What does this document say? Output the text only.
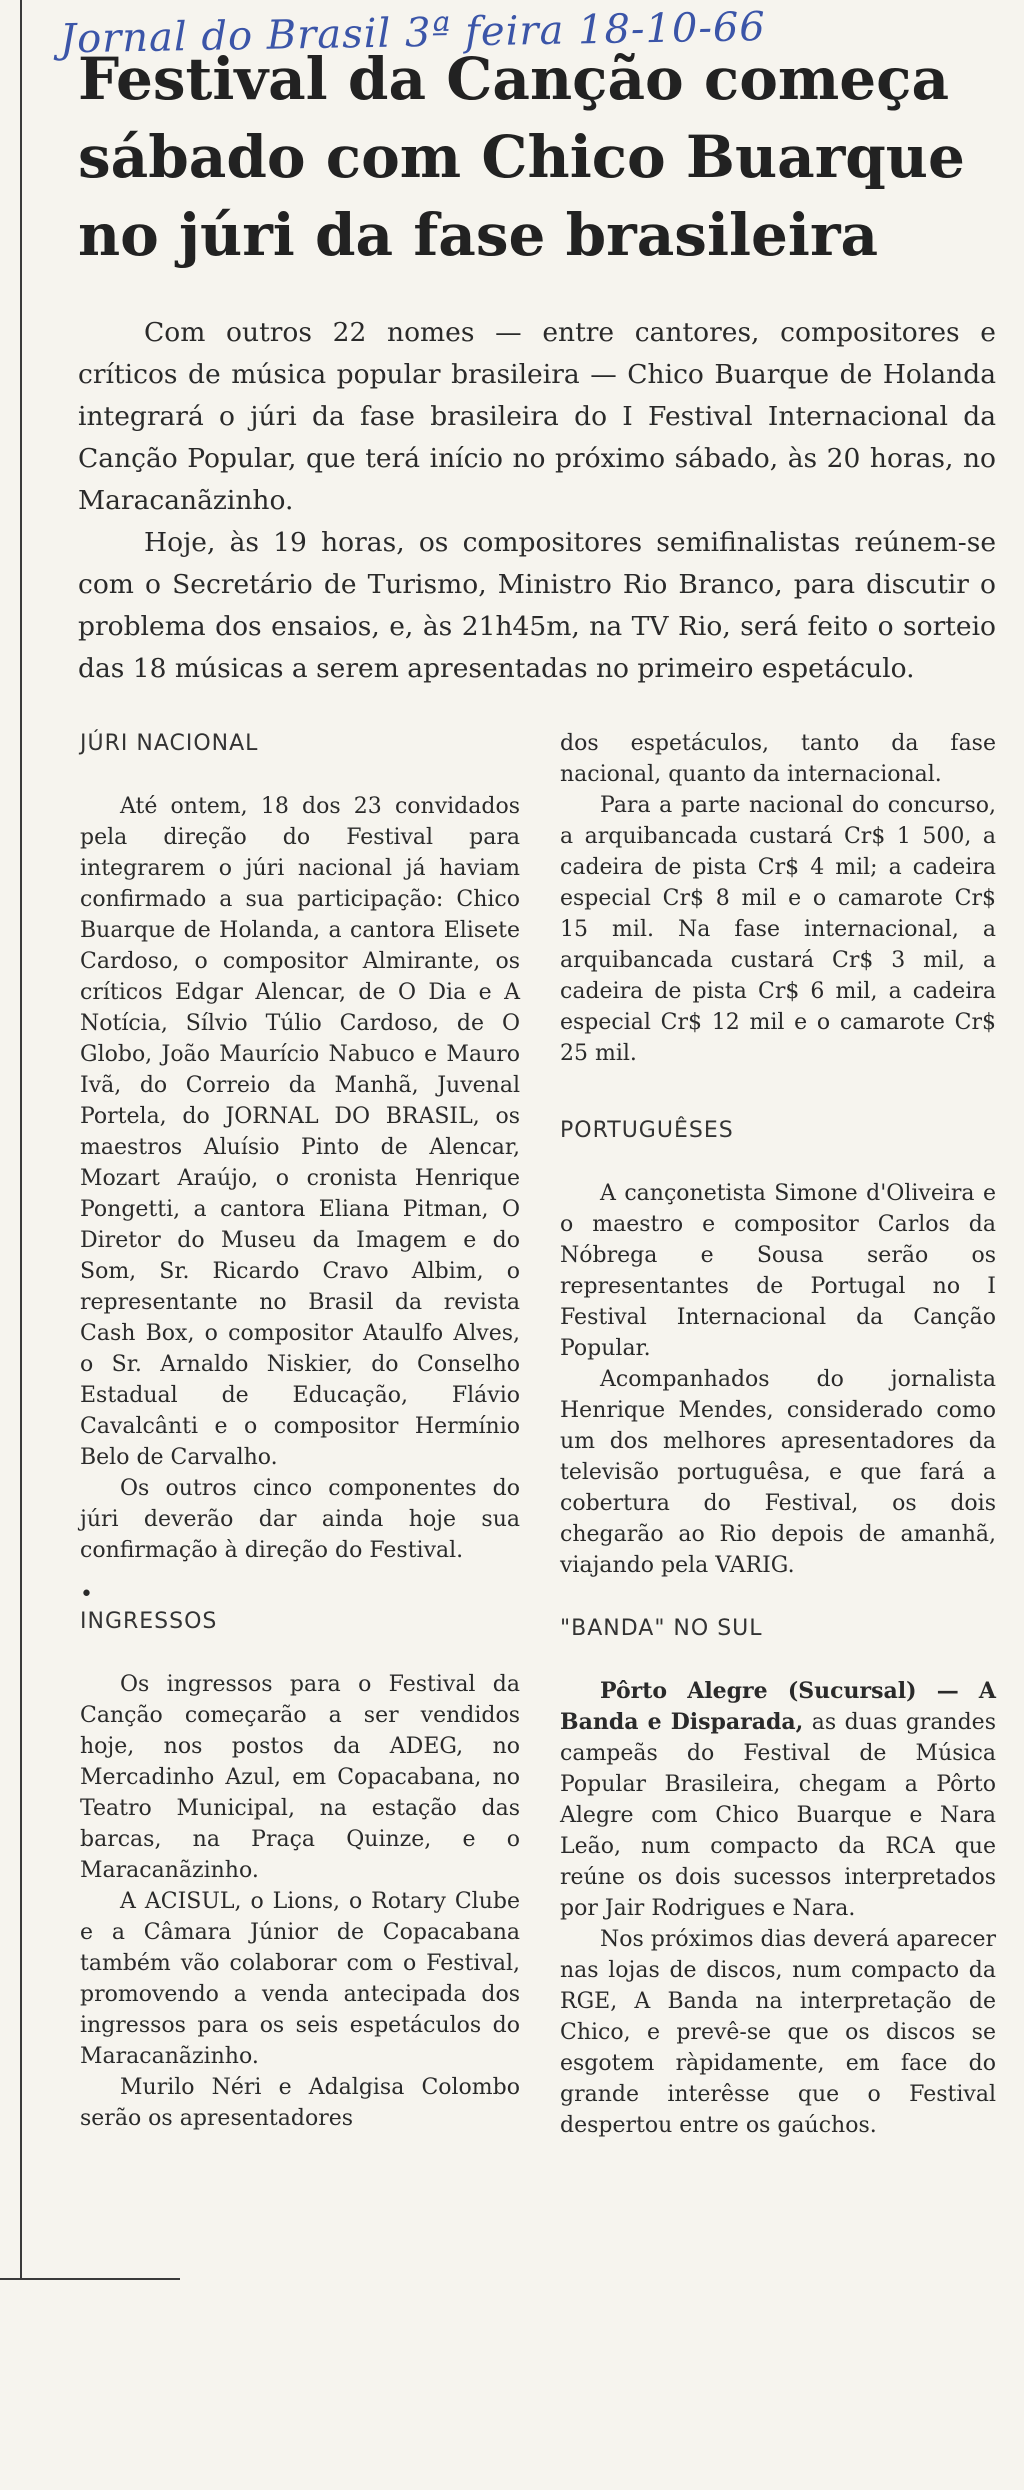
Jornal do Brasil 3ª feira 18-10-66
Festival da Canção começa
sábado com Chico Buarque
no júri da fase brasileira

Com outros 22 nomes — entre cantores, compositores e críticos de música popular brasileira — Chico Buarque de Holanda integrará o júri da fase brasileira do I Festival Internacional da Canção Popular, que terá início no próximo sábado, às 20 horas, no Maracanãzinho.

Hoje, às 19 horas, os compositores semifinalistas reúnem-se com o Secretário de Turismo, Ministro Rio Branco, para discutir o problema dos ensaios, e, às 21h45m, na TV Rio, será feito o sorteio das 18 músicas a serem apresentadas no primeiro espetáculo.

JÚRI NACIONAL

Até ontem, 18 dos 23 convidados pela direção do Festival para integrarem o júri nacional já haviam confirmado a sua participação: Chico Buarque de Holanda, a cantora Elisete Cardoso, o compositor Almirante, os críticos Edgar Alencar, de O Dia e A Notícia, Sílvio Túlio Cardoso, de O Globo, João Maurício Nabuco e Mauro Ivã, do Correio da Manhã, Juvenal Portela, do JORNAL DO BRASIL, os maestros Aluísio Pinto de Alencar, Mozart Araújo, o cronista Henrique Pongetti, a cantora Eliana Pitman, O Diretor do Museu da Imagem e do Som, Sr. Ricardo Cravo Albim, o representante no Brasil da revista Cash Box, o compositor Ataulfo Alves, o Sr. Arnaldo Niskier, do Conselho Estadual de Educação, Flávio Cavalcânti e o compositor Hermínio Belo de Carvalho.

Os outros cinco componentes do júri deverão dar ainda hoje sua confirmação à direção do Festival.

•

INGRESSOS

Os ingressos para o Festival da Canção começarão a ser vendidos hoje, nos postos da ADEG, no Mercadinho Azul, em Copacabana, no Teatro Municipal, na estação das barcas, na Praça Quinze, e o Maracanãzinho.

A ACISUL, o Lions, o Rotary Clube e a Câmara Júnior de Copacabana também vão colaborar com o Festival, promovendo a venda antecipada dos ingressos para os seis espetáculos do Maracanãzinho.

Murilo Néri e Adalgisa Colombo serão os apresentadores

dos espetáculos, tanto da fase nacional, quanto da internacional.

Para a parte nacional do concurso, a arquibancada custará Cr$ 1 500, a cadeira de pista Cr$ 4 mil; a cadeira especial Cr$ 8 mil e o camarote Cr$ 15 mil. Na fase internacional, a arquibancada custará Cr$ 3 mil, a cadeira de pista Cr$ 6 mil, a cadeira especial Cr$ 12 mil e o camarote Cr$ 25 mil.

PORTUGUÊSES

A cançonetista Simone d'Oliveira e o maestro e compositor Carlos da Nóbrega e Sousa serão os representantes de Portugal no I Festival Internacional da Canção Popular.

Acompanhados do jornalista Henrique Mendes, considerado como um dos melhores apresentadores da televisão portuguêsa, e que fará a cobertura do Festival, os dois chegarão ao Rio depois de amanhã, viajando pela VARIG.

"BANDA" NO SUL

Pôrto Alegre (Sucursal) — A Banda e Disparada, as duas grandes campeãs do Festival de Música Popular Brasileira, chegam a Pôrto Alegre com Chico Buarque e Nara Leão, num compacto da RCA que reúne os dois sucessos interpretados por Jair Rodrigues e Nara.

Nos próximos dias deverá aparecer nas lojas de discos, num compacto da RGE, A Banda na interpretação de Chico, e prevê-se que os discos se esgotem ràpidamente, em face do grande interêsse que o Festival despertou entre os gaúchos.
